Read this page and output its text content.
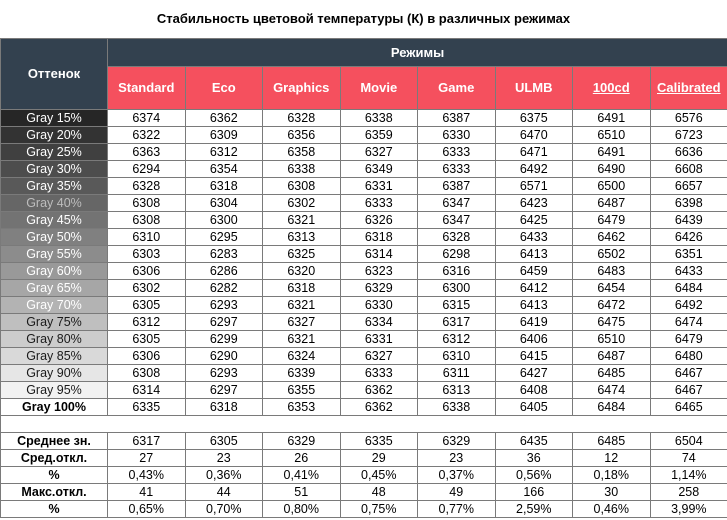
Стабильность цветовой температуры (К) в различных режимах
Оттенок	Режимы							
	Standard	Eco	Graphics	Movie	Game	ULMB	100cd	Calibrated
Gray 15%	6374	6362	6328	6338	6387	6375	6491	6576
Gray 20%	6322	6309	6356	6359	6330	6470	6510	6723
Gray 25%	6363	6312	6358	6327	6333	6471	6491	6636
Gray 30%	6294	6354	6338	6349	6333	6492	6490	6608
Gray 35%	6328	6318	6308	6331	6387	6571	6500	6657
Gray 40%	6308	6304	6302	6333	6347	6423	6487	6398
Gray 45%	6308	6300	6321	6326	6347	6425	6479	6439
Gray 50%	6310	6295	6313	6318	6328	6433	6462	6426
Gray 55%	6303	6283	6325	6314	6298	6413	6502	6351
Gray 60%	6306	6286	6320	6323	6316	6459	6483	6433
Gray 65%	6302	6282	6318	6329	6300	6412	6454	6484
Gray 70%	6305	6293	6321	6330	6315	6413	6472	6492
Gray 75%	6312	6297	6327	6334	6317	6419	6475	6474
Gray 80%	6305	6299	6321	6331	6312	6406	6510	6479
Gray 85%	6306	6290	6324	6327	6310	6415	6487	6480
Gray 90%	6308	6293	6339	6333	6311	6427	6485	6467
Gray 95%	6314	6297	6355	6362	6313	6408	6474	6467
Gray 100%	6335	6318	6353	6362	6338	6405	6484	6465

Среднее зн.	6317	6305	6329	6335	6329	6435	6485	6504
Сред.откл.	27	23	26	29	23	36	12	74
%	0,43%	0,36%	0,41%	0,45%	0,37%	0,56%	0,18%	1,14%
Макс.откл.	41	44	51	48	49	166	30	258
%	0,65%	0,70%	0,80%	0,75%	0,77%	2,59%	0,46%	3,99%
